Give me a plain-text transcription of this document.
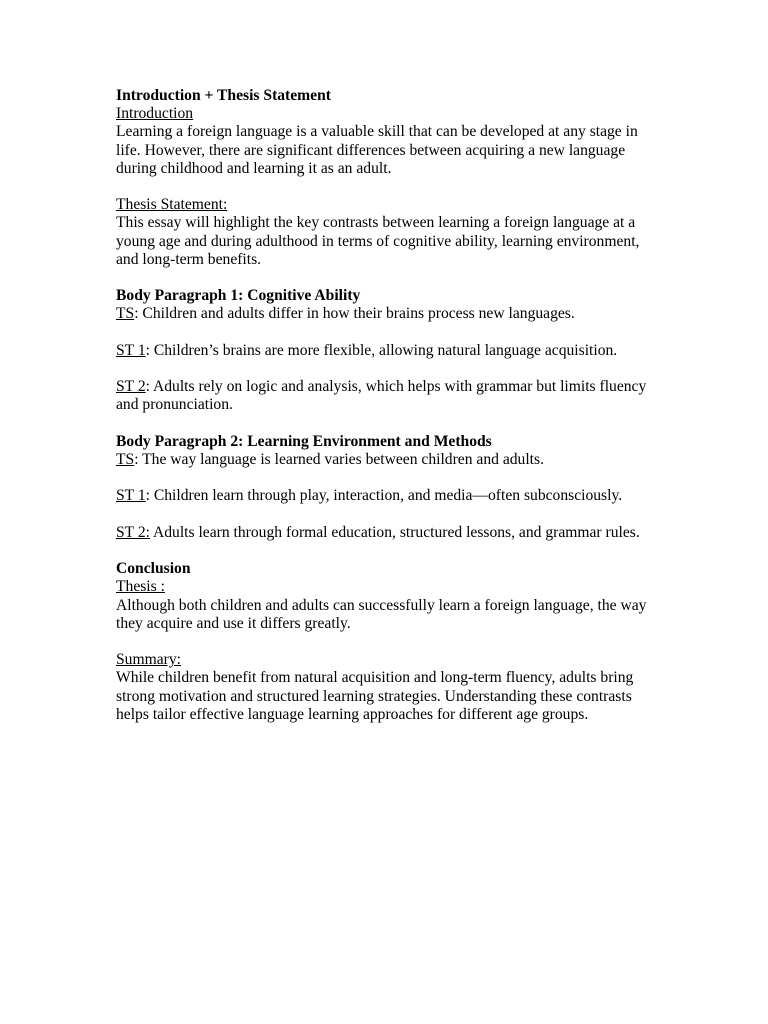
Introduction + Thesis Statement
Introduction

Learning a foreign language is a valuable skill that can be developed at any stage in life. However, there are significant differences between acquiring a new language during childhood and learning it as an adult.

Thesis Statement:

This essay will highlight the key contrasts between learning a foreign language at a young age and during adulthood in terms of cognitive ability, learning environment, and long-term benefits.

Body Paragraph 1: Cognitive Ability

TS: Children and adults differ in how their brains process new languages.

ST 1: Children’s brains are more flexible, allowing natural language acquisition.

ST 2: Adults rely on logic and analysis, which helps with grammar but limits fluency and pronunciation.

Body Paragraph 2: Learning Environment and Methods

TS: The way language is learned varies between children and adults.

ST 1: Children learn through play, interaction, and media—often subconsciously.

ST 2: Adults learn through formal education, structured lessons, and grammar rules.

Conclusion
Thesis :

Although both children and adults can successfully learn a foreign language, the way they acquire and use it differs greatly.

Summary:

While children benefit from natural acquisition and long-term fluency, adults bring strong motivation and structured learning strategies. Understanding these contrasts helps tailor effective language learning approaches for different age groups.
